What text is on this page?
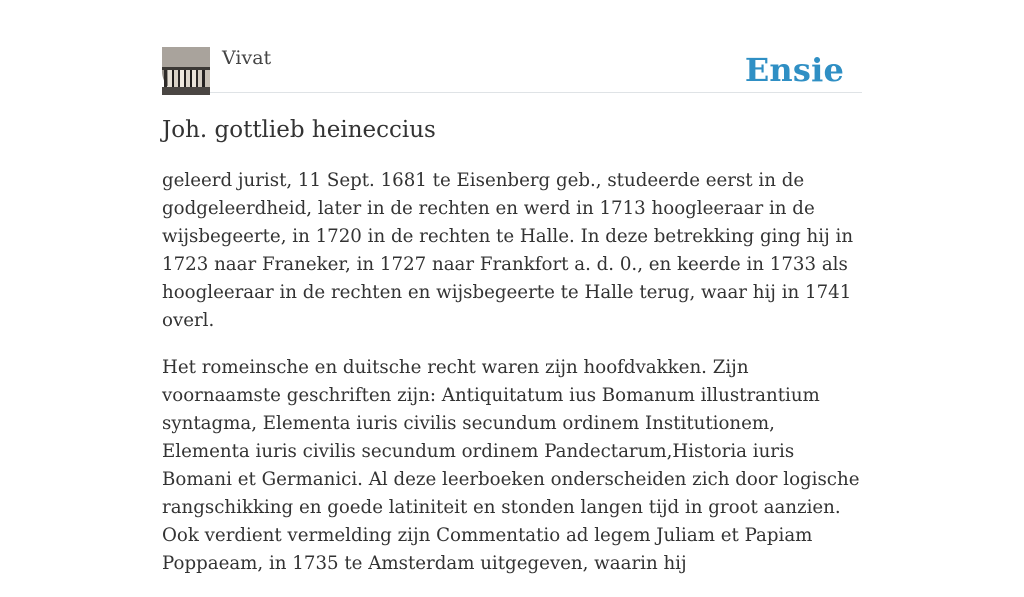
Vivat	Ensie
Joh. gottlieb heineccius

geleerd jurist, 11 Sept. 1681 te Eisenberg geb., studeerde eerst in de godgeleerdheid, later in de rechten en werd in 1713 hoogleeraar in de wijsbegeerte, in 1720 in de rechten te Halle. In deze betrekking ging hij in 1723 naar Franeker, in 1727 naar Frankfort a. d. 0., en keerde in 1733 als hoogleeraar in de rechten en wijsbegeerte te Halle terug, waar hij in 1741 overl.

Het romeinsche en duitsche recht waren zijn hoofdvakken. Zijn voornaamste geschriften zijn: Antiquitatum ius Bomanum illustrantium syntagma, Elementa iuris civilis secundum ordinem Institutionem, Elementa iuris civilis secundum ordinem Pandectarum,Historia iuris Bomani et Germanici. Al deze leerboeken onderscheiden zich door logische rangschikking en goede latiniteit en stonden langen tijd in groot aanzien. Ook verdient vermelding zijn Commentatio ad legem Juliam et Papiam Poppaeam, in 1735 te Amsterdam uitgegeven, waarin hij
